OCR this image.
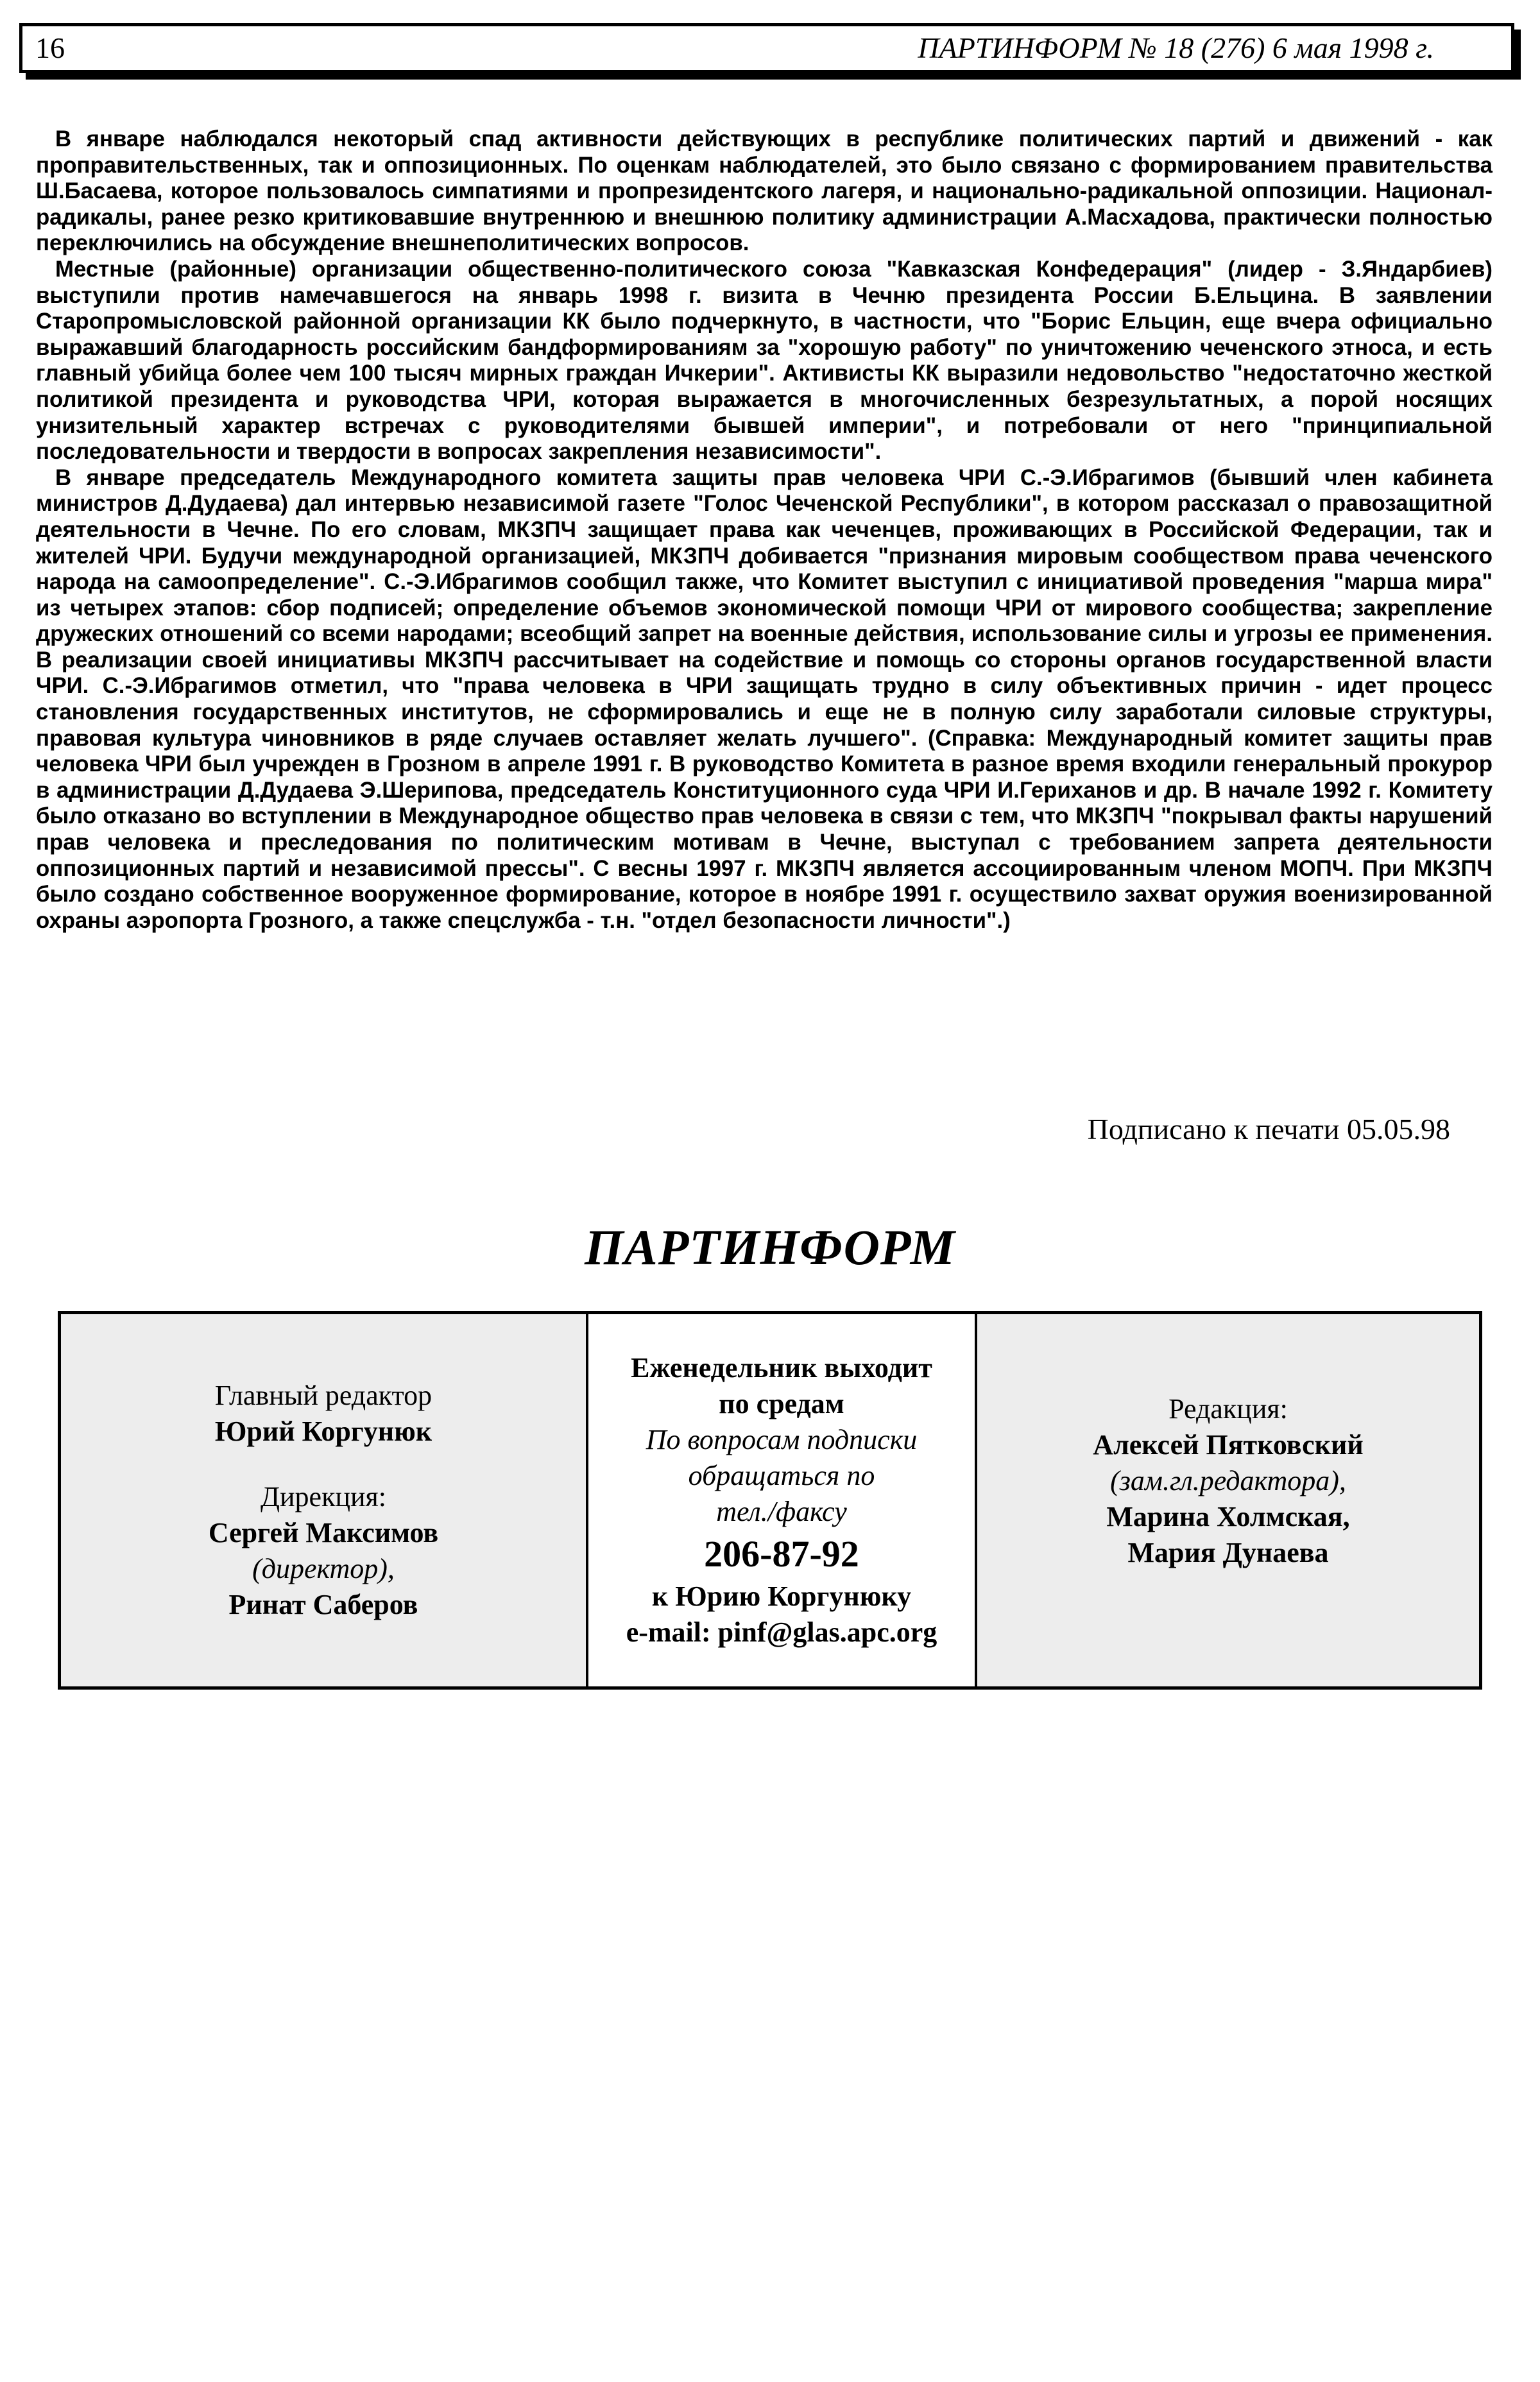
16	ПАРТИНФОРМ № 18 (276) 6 мая 1998 г.

В январе наблюдался некоторый спад активности действующих в республике политических партий и движений - как проправительственных, так и оппозиционных. По оценкам наблюдателей, это было связано с формированием правительства Ш.Басаева, которое пользовалось симпатиями и пропрезидентского лагеря, и национально-радикальной оппозиции. Национал-радикалы, ранее резко критиковавшие внутреннюю и внешнюю политику администрации А.Масхадова, практически полностью переключились на обсуждение внешнеполитических вопросов.

Местные (районные) организации общественно-политического союза "Кавказская Конфедерация" (лидер - З.Яндарбиев) выступили против намечавшегося на январь 1998 г. визита в Чечню президента России Б.Ельцина. В заявлении Старопромысловской районной организации КК было подчеркнуто, в частности, что "Борис Ельцин, еще вчера официально выражавший благодарность российским бандформированиям за "хорошую работу" по уничтожению чеченского этноса, и есть главный убийца более чем 100 тысяч мирных граждан Ичкерии". Активисты КК выразили недовольство "недостаточно жесткой политикой президента и руководства ЧРИ, которая выражается в многочисленных безрезультатных, а порой носящих унизительный характер встречах с руководителями бывшей империи", и потребовали от него "принципиальной последовательности и твердости в вопросах закрепления независимости".

В январе председатель Международного комитета защиты прав человека ЧРИ С.-Э.Ибрагимов (бывший член кабинета министров Д.Дудаева) дал интервью независимой газете "Голос Чеченской Республики", в котором рассказал о правозащитной деятельности в Чечне. По его словам, МКЗПЧ защищает права как чеченцев, проживающих в Российской Федерации, так и жителей ЧРИ. Будучи международной организацией, МКЗПЧ добивается "признания мировым сообществом права чеченского народа на самоопределение". С.-Э.Ибрагимов сообщил также, что Комитет выступил с инициативой проведения "марша мира" из четырех этапов: сбор подписей; определение объемов экономической помощи ЧРИ от мирового сообщества; закрепление дружеских отношений со всеми народами; всеобщий запрет на военные действия, использование силы и угрозы ее применения. В реализации своей инициативы МКЗПЧ рассчитывает на содействие и помощь со стороны органов государственной власти ЧРИ. С.-Э.Ибрагимов отметил, что "права человека в ЧРИ защищать трудно в силу объективных причин - идет процесс становления государственных институтов, не сформировались и еще не в полную силу заработали силовые структуры, правовая культура чиновников в ряде случаев оставляет желать лучшего". (Справка: Международный комитет защиты прав человека ЧРИ был учрежден в Грозном в апреле 1991 г. В руководство Комитета в разное время входили генеральный прокурор в администрации Д.Дудаева Э.Шерипова, председатель Конституционного суда ЧРИ И.Гериханов и др. В начале 1992 г. Комитету было отказано во вступлении в Международное общество прав человека в связи с тем, что МКЗПЧ "покрывал факты нарушений прав человека и преследования по политическим мотивам в Чечне, выступал с требованием запрета деятельности оппозиционных партий и независимой прессы". С весны 1997 г. МКЗПЧ является ассоциированным членом МОПЧ. При МКЗПЧ было создано собственное вооруженное формирование, которое в ноябре 1991 г. осуществило захват оружия военизированной охраны аэропорта Грозного, а также спецслужба - т.н. "отдел безопасности личности".)

Подписано к печати 05.05.98
ПАРТИНФОРМ
Главный редактор
Юрий Коргунюк
Дирекция:
Сергей Максимов
(директор),
Ринат Саберов
Еженедельник выходит
по средам
По вопросам подписки
обращаться по
тел./факсу
206-87-92
к Юрию Коргунюку
e-mail: pinf@glas.apc.org
Редакция:
Алексей Пятковский
(зам.гл.редактора),
Марина Холмская,
Мария Дунаева
